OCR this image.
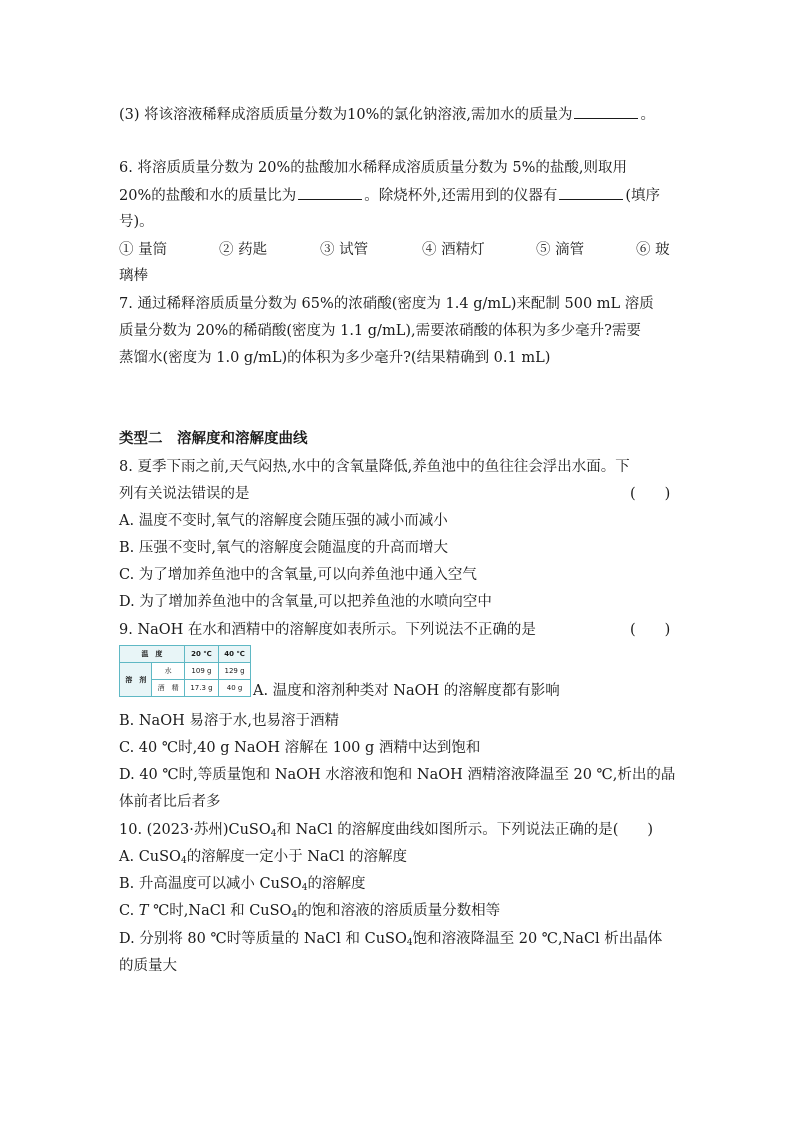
(3) 将该溶液稀释成溶质质量分数为10%的氯化钠溶液,需加水的质量为	。
6. 将溶质质量分数为 20%的盐酸加水稀释成溶质质量分数为 5%的盐酸,则取用
20%的盐酸和水的质量比为	。除烧杯外,还需用到的仪器有	(填序
号)。
① 量筒	② 药匙	③ 试管	④ 酒精灯	⑤ 滴管	⑥ 玻
璃棒
7. 通过稀释溶质质量分数为 65%的浓硝酸(密度为 1.4 g/mL)来配制 500 mL 溶质
质量分数为 20%的稀硝酸(密度为 1.1 g/mL),需要浓硝酸的体积为多少毫升?需要
蒸馏水(密度为 1.0 g/mL)的体积为多少毫升?(结果精确到 0.1 mL)
类型二　溶解度和溶解度曲线
8. 夏季下雨之前,天气闷热,水中的含氧量降低,养鱼池中的鱼往往会浮出水面。下
列有关说法错误的是	(　　)
A. 温度不变时,氧气的溶解度会随压强的减小而减小
B. 压强不变时,氧气的溶解度会随温度的升高而增大
C. 为了增加养鱼池中的含氧量,可以向养鱼池中通入空气
D. 为了增加养鱼池中的含氧量,可以把养鱼池的水喷向空中
9. NaOH 在水和酒精中的溶解度如表所示。下列说法不正确的是	(　　)
温　度		20 ℃	40 ℃
溶　剂	水	109 g	129 g
	酒　精	17.3 g	40 g A. 温度和溶剂种类对 NaOH 的溶解度都有影响
B. NaOH 易溶于水,也易溶于酒精
C. 40 ℃时,40 g NaOH 溶解在 100 g 酒精中达到饱和
D. 40 ℃时,等质量饱和 NaOH 水溶液和饱和 NaOH 酒精溶液降温至 20 ℃,析出的晶
体前者比后者多
10. (2023·苏州)CuSO$_4$和 NaCl 的溶解度曲线如图所示。下列说法正确的是(　　)
A. CuSO$_4$的溶解度一定小于 NaCl 的溶解度
B. 升高温度可以减小 CuSO$_4$的溶解度
C. T ℃时,NaCl 和 CuSO$_4$的饱和溶液的溶质质量分数相等
D. 分别将 80 ℃时等质量的 NaCl 和 CuSO$_4$饱和溶液降温至 20 ℃,NaCl 析出晶体
的质量大
